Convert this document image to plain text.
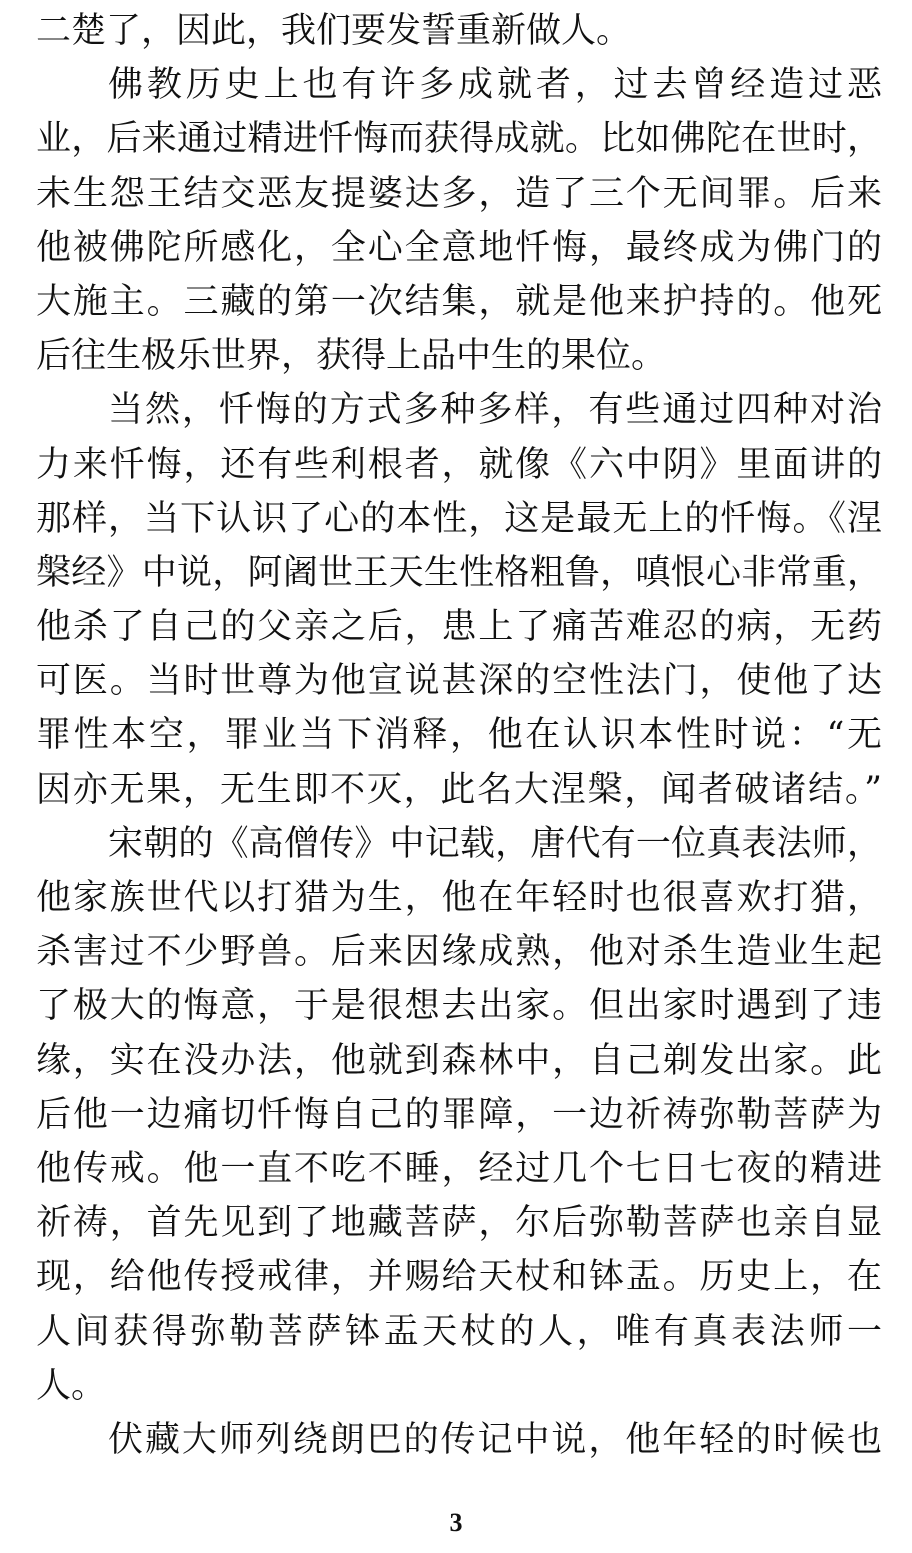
二楚了，因此，我们要发誓重新做人。
佛教历史上也有许多成就者，过去曾经造过恶
业，后来通过精进忏悔而获得成就。比如佛陀在世时，
未生怨王结交恶友提婆达多，造了三个无间罪。后来
他被佛陀所感化，全心全意地忏悔，最终成为佛门的
大施主。三藏的第一次结集，就是他来护持的。他死
后往生极乐世界，获得上品中生的果位。
当然，忏悔的方式多种多样，有些通过四种对治
力来忏悔，还有些利根者，就像《六中阴》里面讲的
那样，当下认识了心的本性，这是最无上的忏悔。《涅
槃经》中说，阿阇世王天生性格粗鲁，嗔恨心非常重，
他杀了自己的父亲之后，患上了痛苦难忍的病，无药
可医。当时世尊为他宣说甚深的空性法门，使他了达
罪性本空，罪业当下消释，他在认识本性时说：“无
因亦无果，无生即不灭，此名大涅槃，闻者破诸结。”
宋朝的《高僧传》中记载，唐代有一位真表法师，
他家族世代以打猎为生，他在年轻时也很喜欢打猎，
杀害过不少野兽。后来因缘成熟，他对杀生造业生起
了极大的悔意，于是很想去出家。但出家时遇到了违
缘，实在没办法，他就到森林中，自己剃发出家。此
后他一边痛切忏悔自己的罪障，一边祈祷弥勒菩萨为
他传戒。他一直不吃不睡，经过几个七日七夜的精进
祈祷，首先见到了地藏菩萨，尔后弥勒菩萨也亲自显
现，给他传授戒律，并赐给天杖和钵盂。历史上，在
人间获得弥勒菩萨钵盂天杖的人，唯有真表法师一
人。
伏藏大师列绕朗巴的传记中说，他年轻的时候也
3
